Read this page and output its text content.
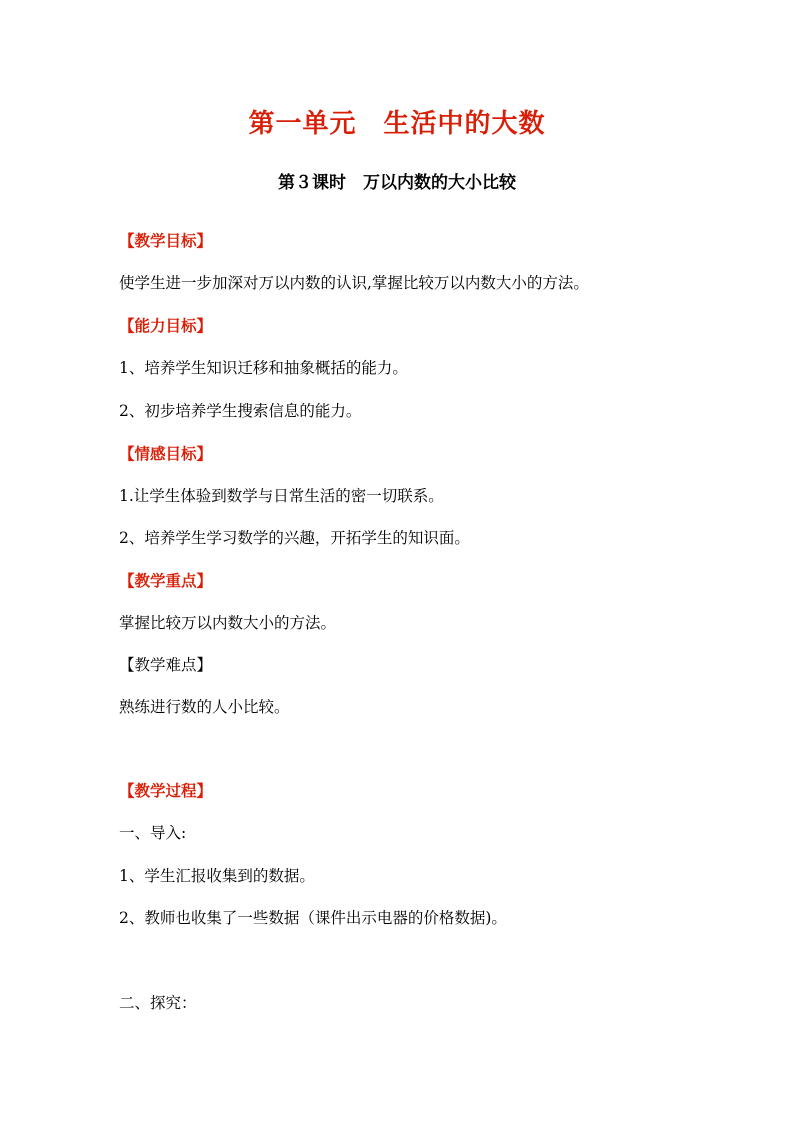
第一单元　生活中的大数
第３课时　万以内数的大小比较
【教学目标】
使学生进一步加深对万以内数的认识,掌握比较万以内数大小的方法。
【能力目标】
1、培养学生知识迁移和抽象概括的能力。
2、初步培养学生搜索信息的能力。
【情感目标】
1.让学生体验到数学与日常生活的密一切联系。
2、培养学生学习数学的兴趣，开拓学生的知识面。
【教学重点】
掌握比较万以内数大小的方法。
【教学难点】
熟练进行数的人小比较。
【教学过程】
一、导入:
1、学生汇报收集到的数据。
2、教师也收集了一些数据（课件出示电器的价格数据)。
二、探究：
